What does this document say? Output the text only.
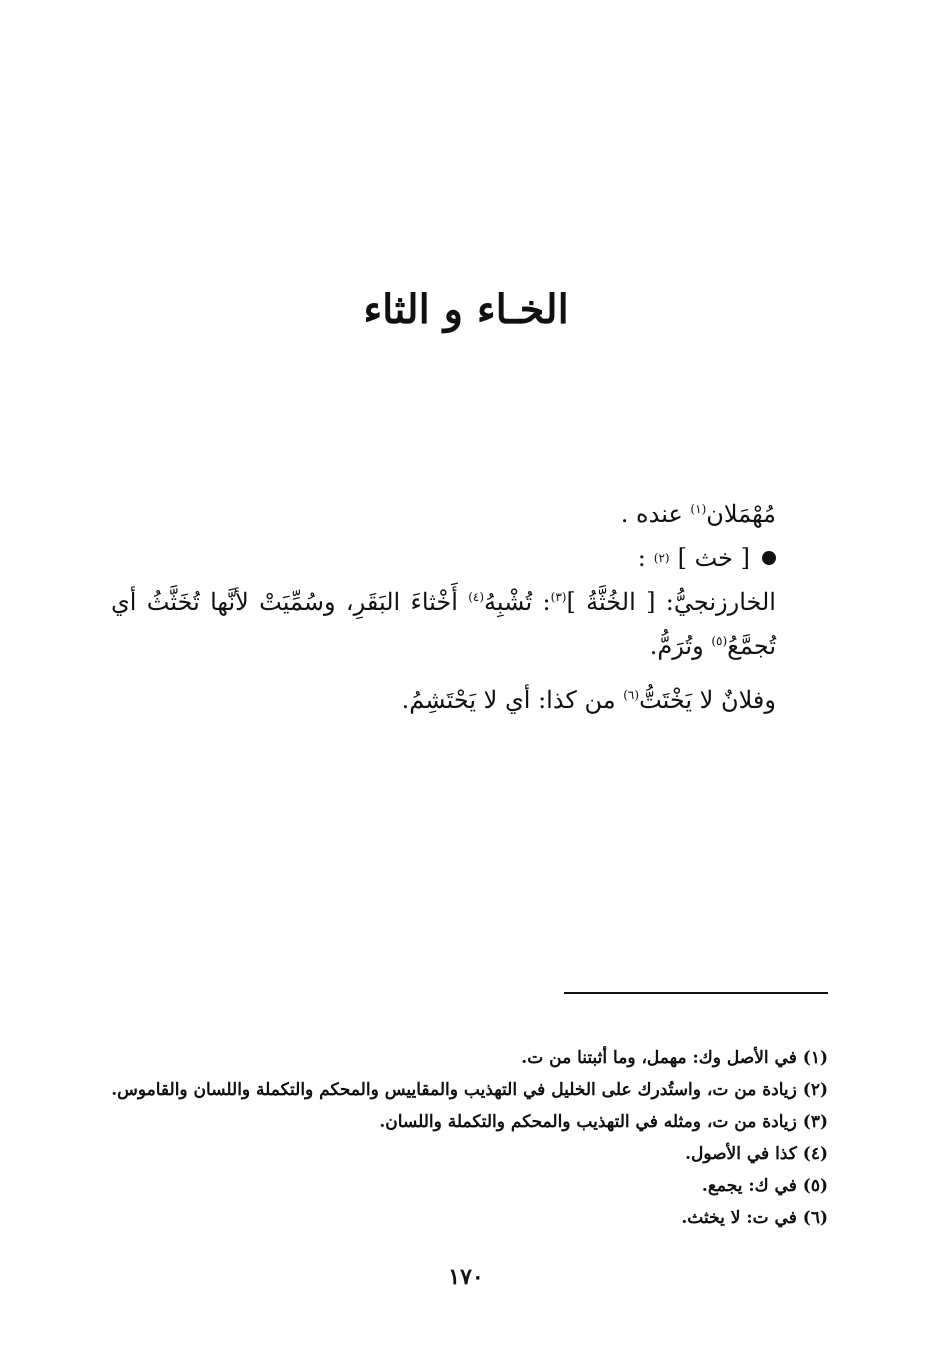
الخـاء و الثاء

مُهْمَلان$^{(١)}$ عنده .

[ خث ]
(٢)
:

الخارزنجيُّ: [ الخُثَّةُ ]$^{(٣)}$: تُشْبِهُ$^{(٤)}$ أَخْثاءَ البَقَرِ، وسُمِّيَتْ لأنَّها تُخَثَّثُ أي تُجمَّعُ$^{(٥)}$ وتُرَمُّ.

وفلانٌ لا يَخْتَتُّ$^{(٦)}$ من كذا: أي لا يَحْتَشِمُ.

(١) في الأصل وك: مهمل، وما أثبتنا من ت.

(٢) زيادة من ت، واستُدرك على الخليل في التهذيب والمقاييس والمحكم والتكملة واللسان والقاموس.

(٣) زيادة من ت، ومثله في التهذيب والمحكم والتكملة واللسان.

(٤) كذا في الأصول.

(٥) في ك: يجمع.

(٦) في ت: لا يخثث.

١٧٠
